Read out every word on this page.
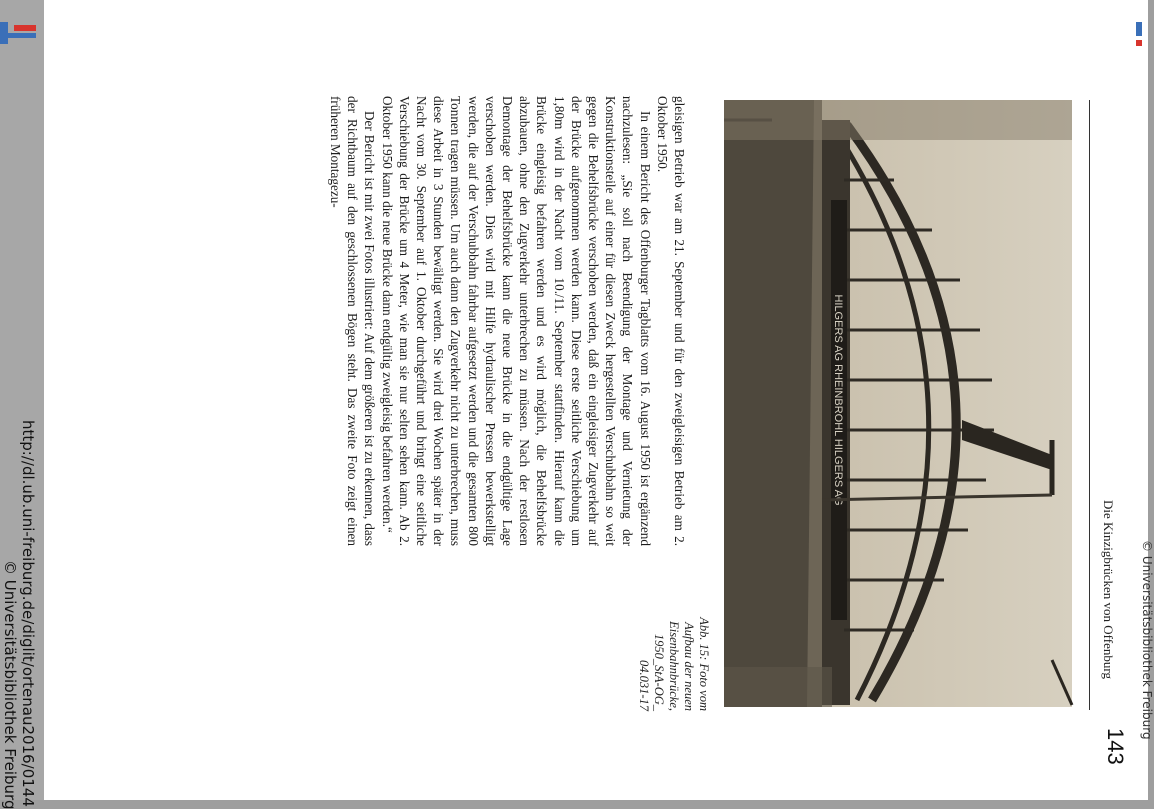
http://dl.ub.uni-freiburg.de/diglit/ortenau2016/0144
© Universitätsbibliothek Freiburg	Die Kinzigbrücken von Offenburg
143
HILGERS AG RHEINBROHL HILGERS AG
Abb. 15: Foto vom
Aufbau der neuen
Eisenbahnbrücke,
1950_StA-OG_
04.031-17

gleisigen Betrieb war am 21. September und für den zweigleisigen Betrieb am 2. Oktober 1950.

In einem Bericht des Offenburger Tagblatts vom 16. August 1950 ist ergänzend nachzulesen: „Sie soll nach Beendigung der Montage und Vernietung der Konstruktionsteile auf einer für diesen Zweck hergestellten Verschubbahn so weit gegen die Behelfsbrücke verschoben werden, daß ein eingleisiger Zugverkehr auf der Brücke aufgenommen werden kann. Diese erste seitliche Verschiebung um 1,80m wird in der Nacht vom 10./11. September stattfinden. Hierauf kann die Brücke eingleisig befahren werden und es wird möglich, die Behelfsbrücke abzubauen, ohne den Zugverkehr unterbrechen zu müssen. Nach der restlosen Demontage der Behelfsbrücke kann die neue Brücke in die endgültige Lage verschoben werden. Dies wird mit Hilfe hydraulischer Pressen bewerkstelligt werden, die auf der Verschubbahn fahrbar aufgesetzt werden und die gesamten 800 Tonnen tragen müssen. Um auch dann den Zugverkehr nicht zu unterbrechen, muss diese Arbeit in 3 Stunden bewältigt werden. Sie wird drei Wochen später in der Nacht vom 30. September auf 1. Oktober durchgeführt und bringt eine seitliche Verschiebung der Brücke um 4 Meter, wie man sie nur selten sehen kann. Ab 2. Oktober 1950 kann die neue Brücke dann endgültig zweigleisig befahren werden.“

Der Bericht ist mit zwei Fotos illustriert: Auf dem größeren ist zu erkennen, dass der Richtbaum auf den geschlossenen Bögen steht. Das zweite Foto zeigt einen früheren Montagezu-

© Universitätsbibliothek Freiburg
